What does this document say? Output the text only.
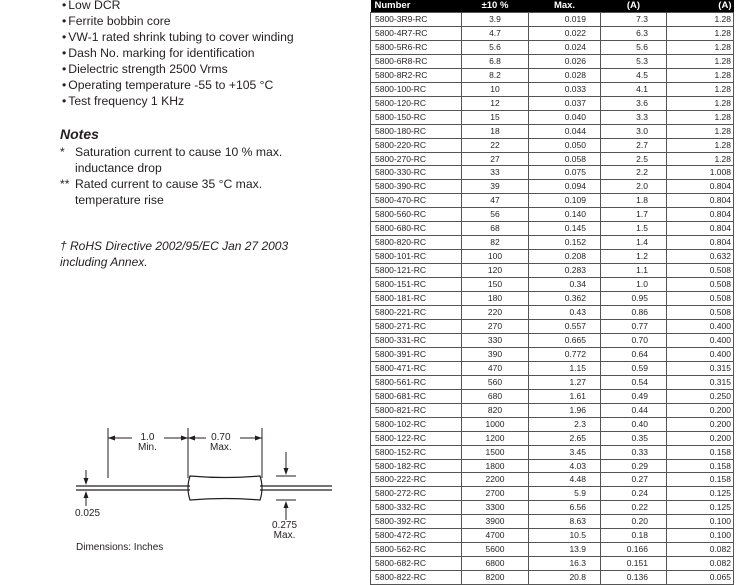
• Low DCR
• Ferrite bobbin core
• VW-1 rated shrink tubing to cover winding
• Dash No. marking for identification
• Dielectric strength 2500 Vrms
• Operating temperature -55 to +105 °C
• Test frequency 1 KHz
Notes
* Saturation current to cause 10 % max. inductance drop
** Rated current to cause 35 °C max. temperature rise
† RoHS Directive 2002/95/EC Jan 27 2003 including Annex.
1.0
Min.
0.70
Max.
0.025
0.275
Max.
Dimensions: Inches
Number	±10 %	Max.	(A)	(A)
5800-3R9-RC	3.9	0.019	7.3	1.28
5800-4R7-RC	4.7	0.022	6.3	1.28
5800-5R6-RC	5.6	0.024	5.6	1.28
5800-6R8-RC	6.8	0.026	5.3	1.28
5800-8R2-RC	8.2	0.028	4.5	1.28
5800-100-RC	10	0.033	4.1	1.28
5800-120-RC	12	0.037	3.6	1.28
5800-150-RC	15	0.040	3.3	1.28
5800-180-RC	18	0.044	3.0	1.28
5800-220-RC	22	0.050	2.7	1.28
5800-270-RC	27	0.058	2.5	1.28
5800-330-RC	33	0.075	2.2	1.008
5800-390-RC	39	0.094	2.0	0.804
5800-470-RC	47	0.109	1.8	0.804
5800-560-RC	56	0.140	1.7	0.804
5800-680-RC	68	0.145	1.5	0.804
5800-820-RC	82	0.152	1.4	0.804
5800-101-RC	100	0.208	1.2	0.632
5800-121-RC	120	0.283	1.1	0.508
5800-151-RC	150	0.34	1.0	0.508
5800-181-RC	180	0.362	0.95	0.508
5800-221-RC	220	0.43	0.86	0.508
5800-271-RC	270	0.557	0.77	0.400
5800-331-RC	330	0.665	0.70	0.400
5800-391-RC	390	0.772	0.64	0.400
5800-471-RC	470	1.15	0.59	0.315
5800-561-RC	560	1.27	0.54	0.315
5800-681-RC	680	1.61	0.49	0.250
5800-821-RC	820	1.96	0.44	0.200
5800-102-RC	1000	2.3	0.40	0.200
5800-122-RC	1200	2.65	0.35	0.200
5800-152-RC	1500	3.45	0.33	0.158
5800-182-RC	1800	4.03	0.29	0.158
5800-222-RC	2200	4.48	0.27	0.158
5800-272-RC	2700	5.9	0.24	0.125
5800-332-RC	3300	6.56	0.22	0.125
5800-392-RC	3900	8.63	0.20	0.100
5800-472-RC	4700	10.5	0.18	0.100
5800-562-RC	5600	13.9	0.166	0.082
5800-682-RC	6800	16.3	0.151	0.082
5800-822-RC	8200	20.8	0.136	0.065
